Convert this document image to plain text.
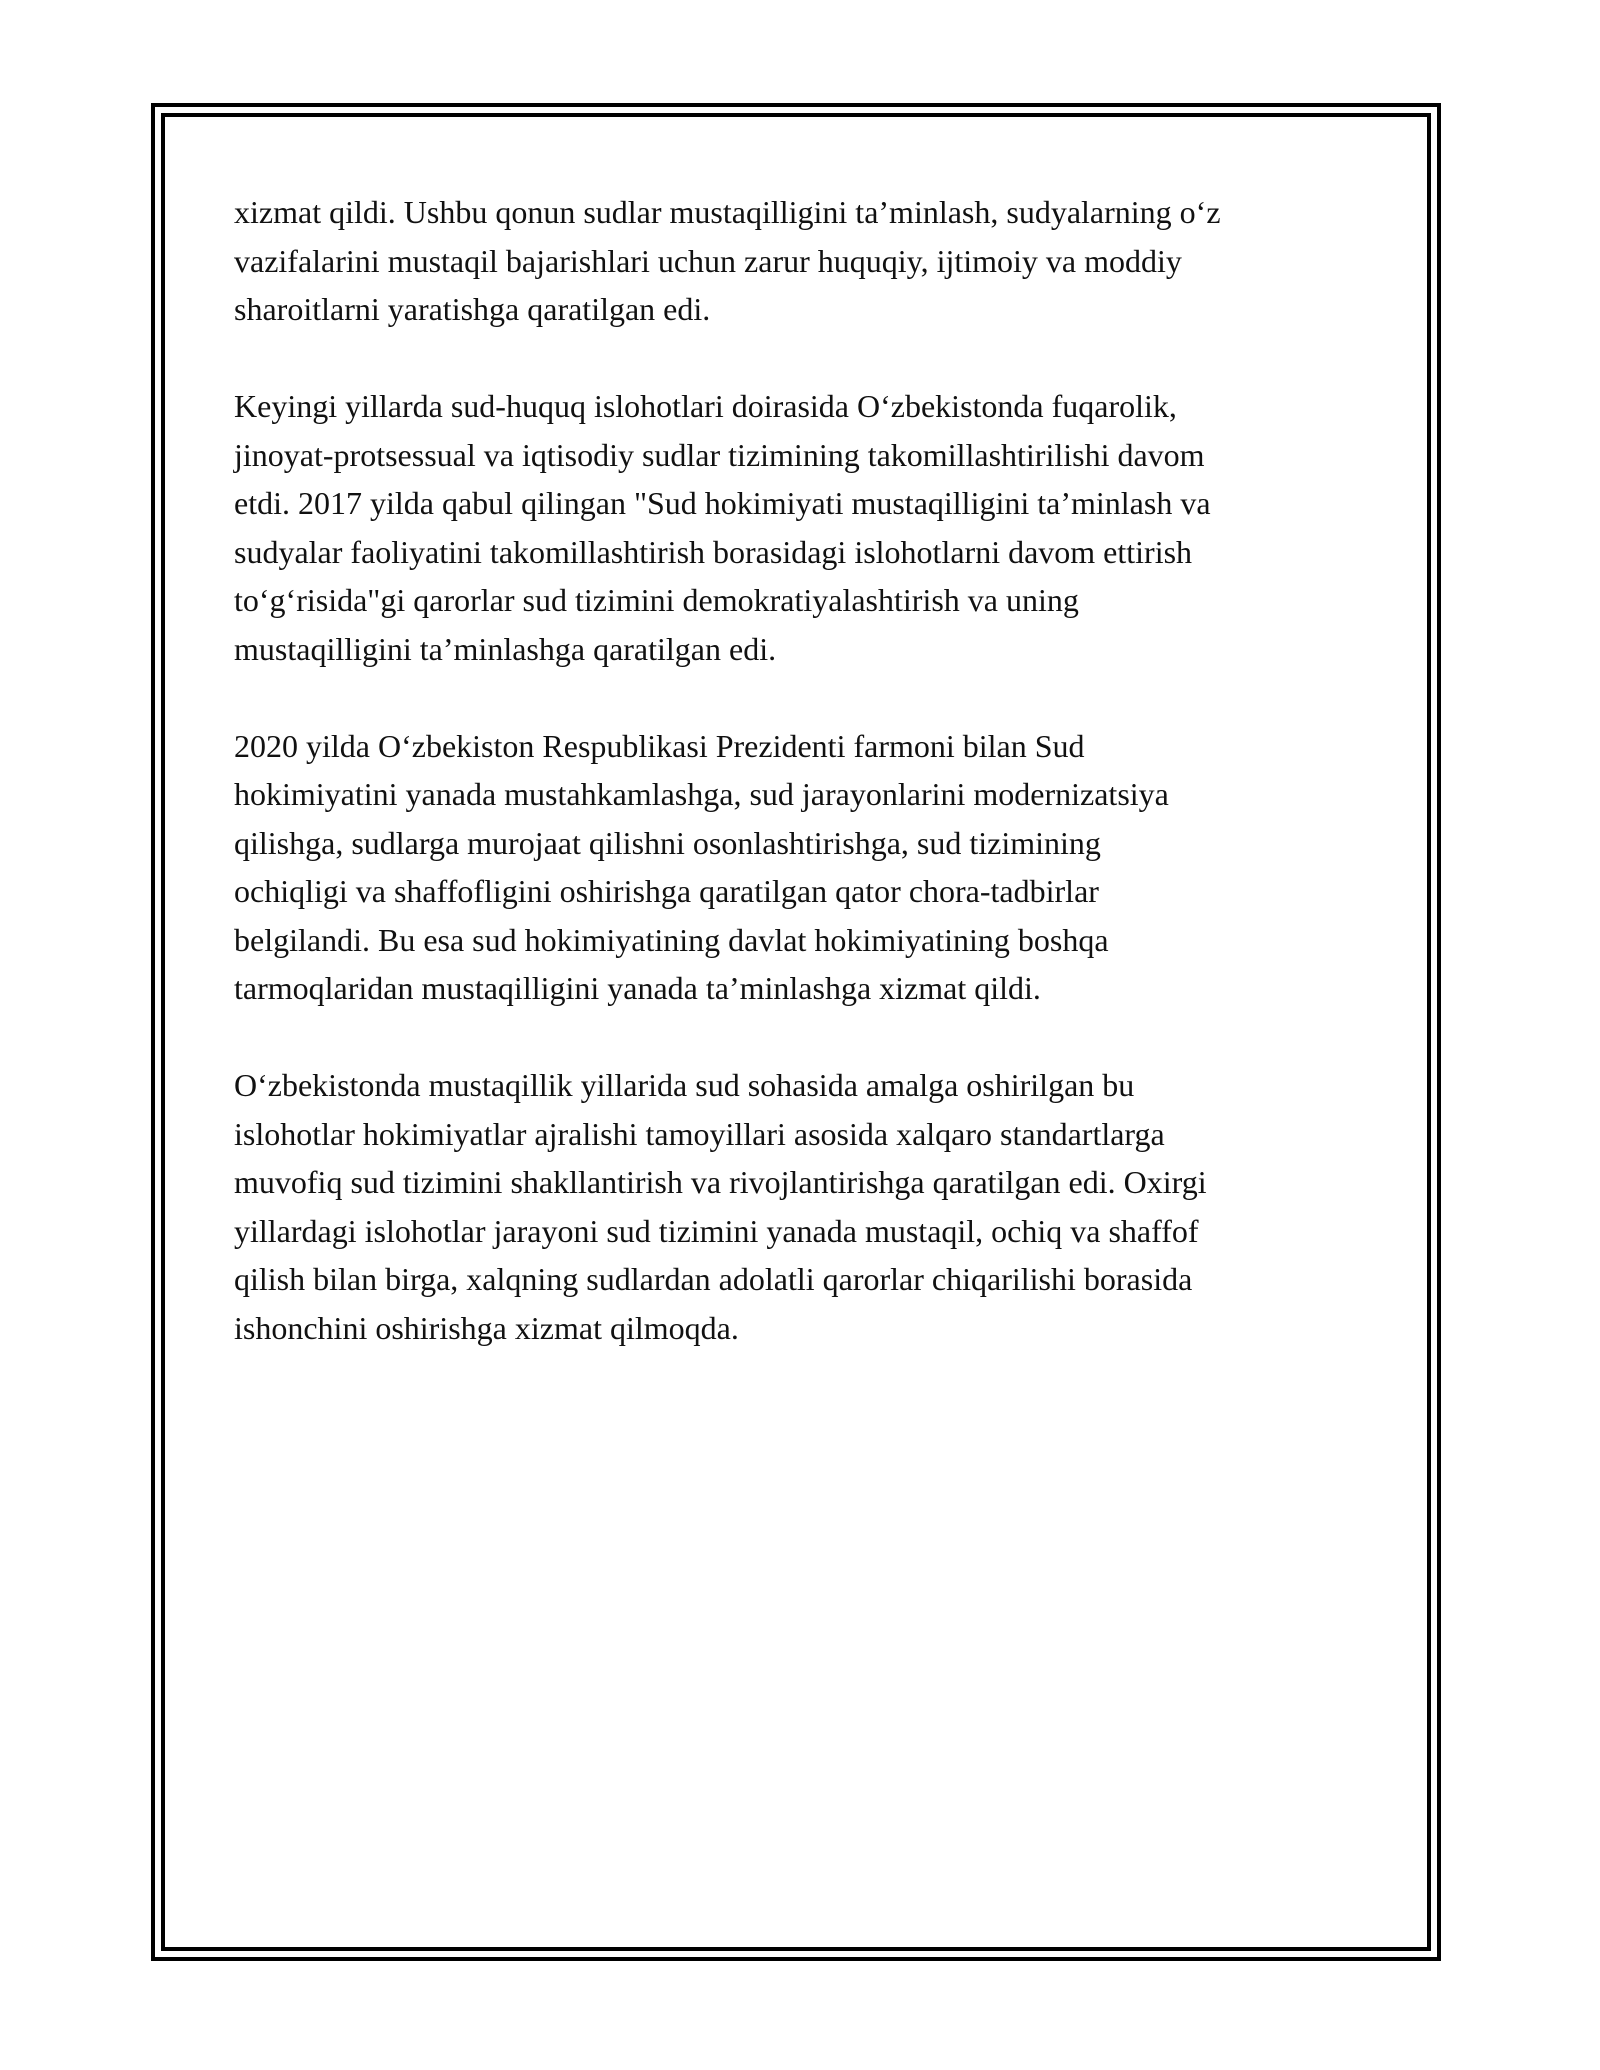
xizmat qildi. Ushbu qonun sudlar mustaqilligini ta’minlash, sudyalarning o‘z
vazifalarini mustaqil bajarishlari uchun zarur huquqiy, ijtimoiy va moddiy
sharoitlarni yaratishga qaratilgan edi.
Keyingi yillarda sud-huquq islohotlari doirasida O‘zbekistonda fuqarolik,
jinoyat-protsessual va iqtisodiy sudlar tizimining takomillashtirilishi davom
etdi. 2017 yilda qabul qilingan "Sud hokimiyati mustaqilligini ta’minlash va
sudyalar faoliyatini takomillashtirish borasidagi islohotlarni davom ettirish
to‘g‘risida"gi qarorlar sud tizimini demokratiyalashtirish va uning
mustaqilligini ta’minlashga qaratilgan edi.
2020 yilda O‘zbekiston Respublikasi Prezidenti farmoni bilan Sud
hokimiyatini yanada mustahkamlashga, sud jarayonlarini modernizatsiya
qilishga, sudlarga murojaat qilishni osonlashtirishga, sud tizimining
ochiqligi va shaffofligini oshirishga qaratilgan qator chora-tadbirlar
belgilandi. Bu esa sud hokimiyatining davlat hokimiyatining boshqa
tarmoqlaridan mustaqilligini yanada ta’minlashga xizmat qildi.
O‘zbekistonda mustaqillik yillarida sud sohasida amalga oshirilgan bu
islohotlar hokimiyatlar ajralishi tamoyillari asosida xalqaro standartlarga
muvofiq sud tizimini shakllantirish va rivojlantirishga qaratilgan edi. Oxirgi
yillardagi islohotlar jarayoni sud tizimini yanada mustaqil, ochiq va shaffof
qilish bilan birga, xalqning sudlardan adolatli qarorlar chiqarilishi borasida
ishonchini oshirishga xizmat qilmoqda.
